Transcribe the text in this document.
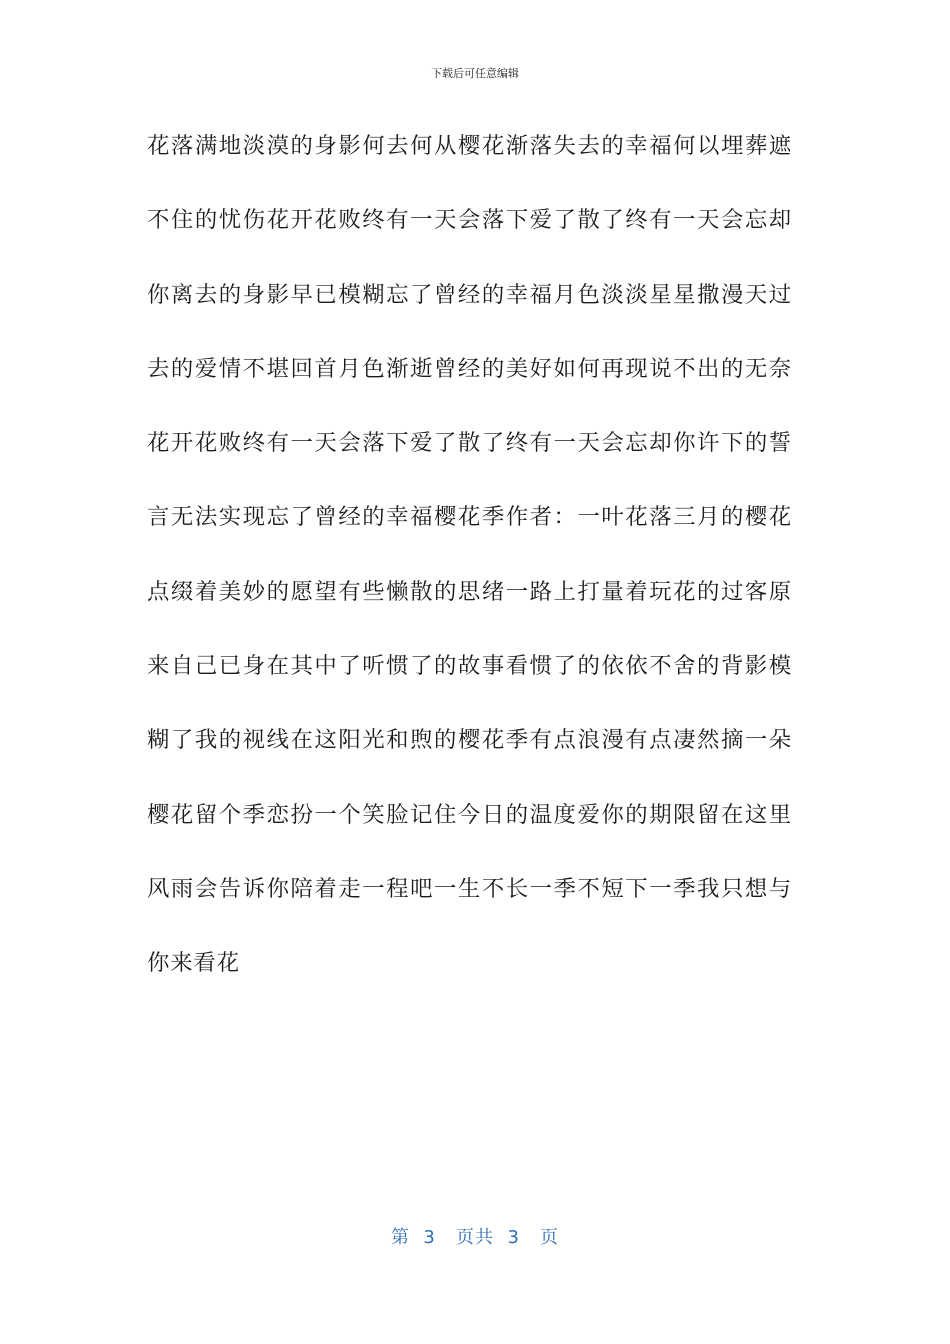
下载后可任意编辑
花落满地淡漠的身影何去何从樱花渐落失去的幸福何以埋葬遮
不住的忧伤花开花败终有一天会落下爱了散了终有一天会忘却
你离去的身影早已模糊忘了曾经的幸福月色淡淡星星撒漫天过
去的爱情不堪回首月色渐逝曾经的美好如何再现说不出的无奈
花开花败终有一天会落下爱了散了终有一天会忘却你许下的誓
言无法实现忘了曾经的幸福樱花季作者：一叶花落三月的樱花
点缀着美妙的愿望有些懒散的思绪一路上打量着玩花的过客原
来自己已身在其中了听惯了的故事看惯了的依依不舍的背影模
糊了我的视线在这阳光和煦的樱花季有点浪漫有点凄然摘一朵
樱花留个季恋扮一个笑脸记住今日的温度爱你的期限留在这里
风雨会告诉你陪着走一程吧一生不长一季不短下一季我只想与
你来看花
第  3   页共  3   页
